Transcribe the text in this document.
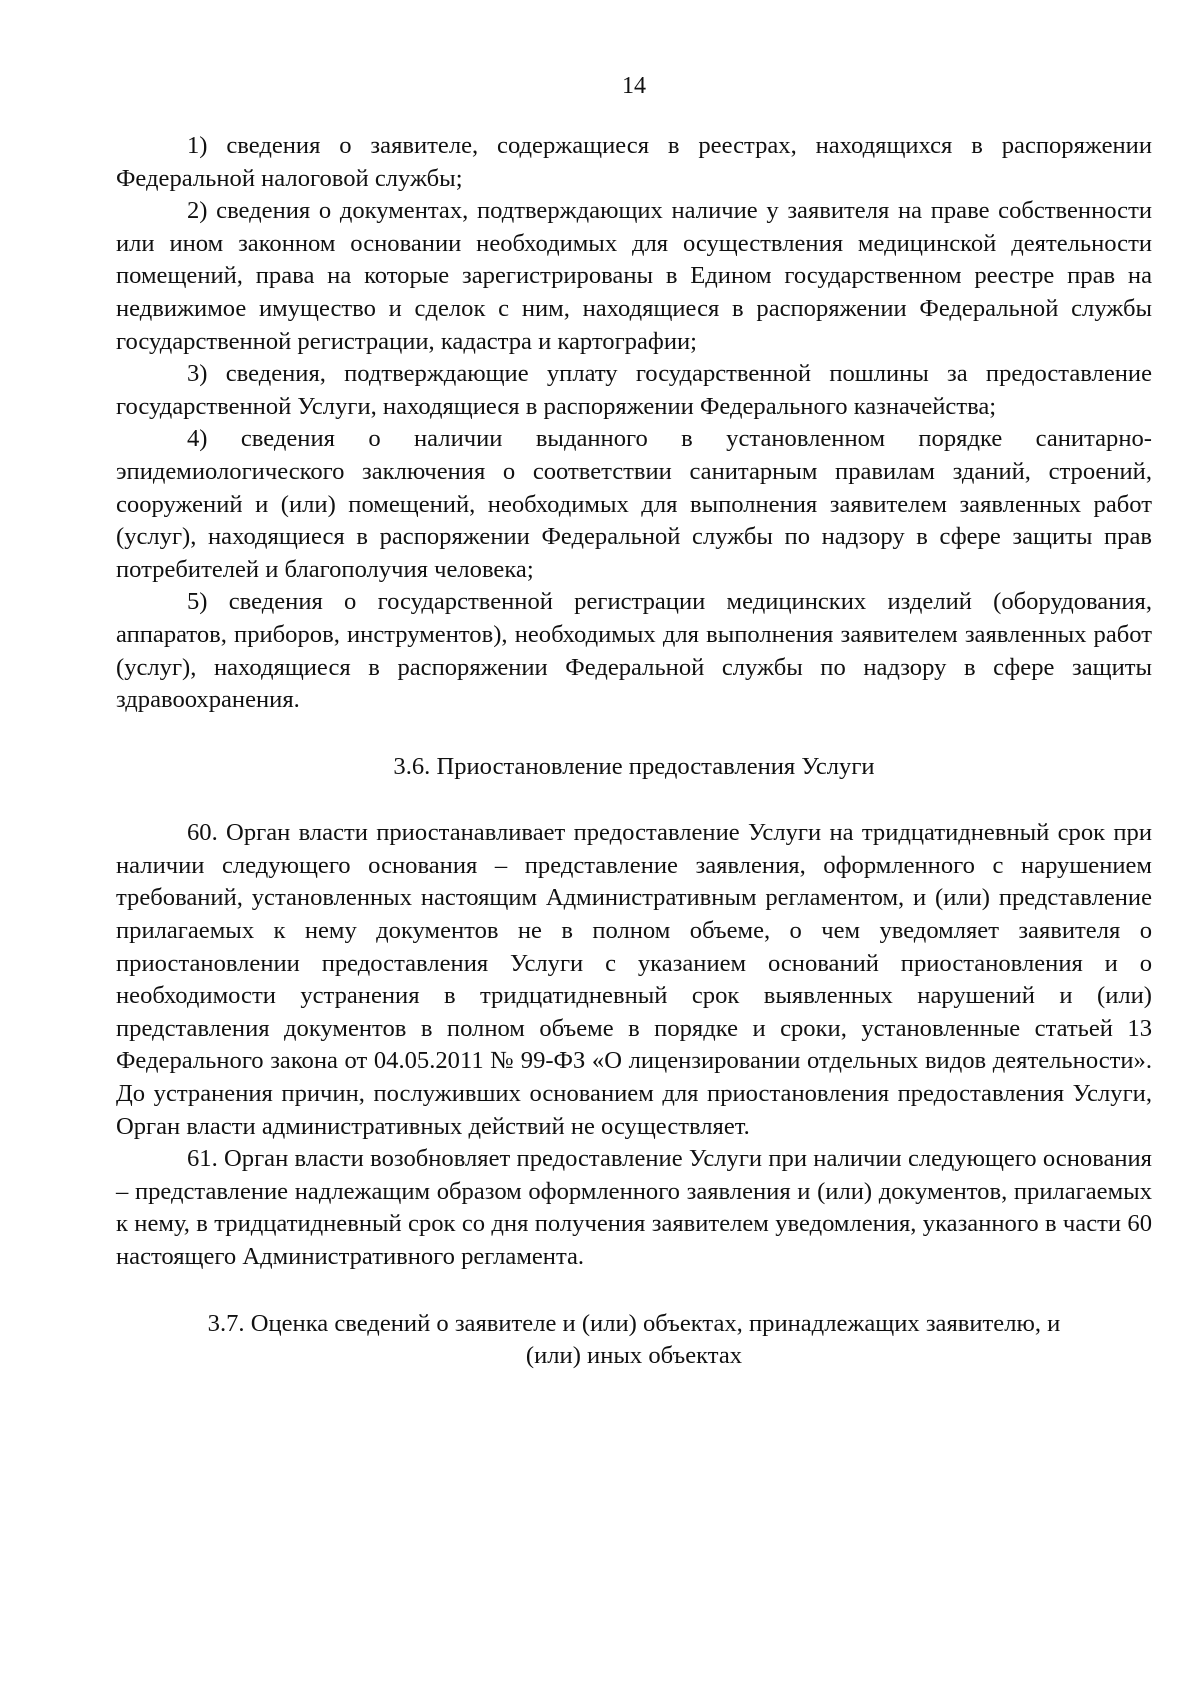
14

1) сведения о заявителе, содержащиеся в реестрах, находящихся в распоряжении Федеральной налоговой службы;

2) сведения о документах, подтверждающих наличие у заявителя на праве собственности или ином законном основании необходимых для осуществления медицинской деятельности помещений, права на которые зарегистрированы в Едином государственном реестре прав на недвижимое имущество и сделок с ним, находящиеся в распоряжении Федеральной службы государственной регистрации, кадастра и картографии;

3) сведения, подтверждающие уплату государственной пошлины за предоставление государственной Услуги, находящиеся в распоряжении Федерального казначейства;

4) сведения о наличии выданного в установленном порядке санитарно-эпидемиологического заключения о соответствии санитарным правилам зданий, строений, сооружений и (или) помещений, необходимых для выполнения заявителем заявленных работ (услуг), находящиеся в распоряжении Федеральной службы по надзору в сфере защиты прав потребителей и благополучия человека;

5) сведения о государственной регистрации медицинских изделий (оборудования, аппаратов, приборов, инструментов), необходимых для выполнения заявителем заявленных работ (услуг), находящиеся в распоряжении Федеральной службы по надзору в сфере защиты здравоохранения.

3.6. Приостановление предоставления Услуги

60. Орган власти приостанавливает предоставление Услуги на тридцатидневный срок при наличии следующего основания – представление заявления, оформленного с нарушением требований, установленных настоящим Административным регламентом, и (или) представление прилагаемых к нему документов не в полном объеме, о чем уведомляет заявителя о приостановлении предоставления Услуги с указанием оснований приостановления и о необходимости устранения в тридцатидневный срок выявленных нарушений и (или) представления документов в полном объеме в порядке и сроки, установленные статьей 13 Федерального закона от 04.05.2011 № 99-ФЗ «О лицензировании отдельных видов деятельности». До устранения причин, послуживших основанием для приостановления предоставления Услуги, Орган власти административных действий не осуществляет.

61. Орган власти возобновляет предоставление Услуги при наличии следующего основания – представление надлежащим образом оформленного заявления и (или) документов, прилагаемых к нему, в тридцатидневный срок со дня получения заявителем уведомления, указанного в части 60 настоящего Административного регламента.

3.7. Оценка сведений о заявителе и (или) объектах, принадлежащих заявителю, и
(или) иных объектах
